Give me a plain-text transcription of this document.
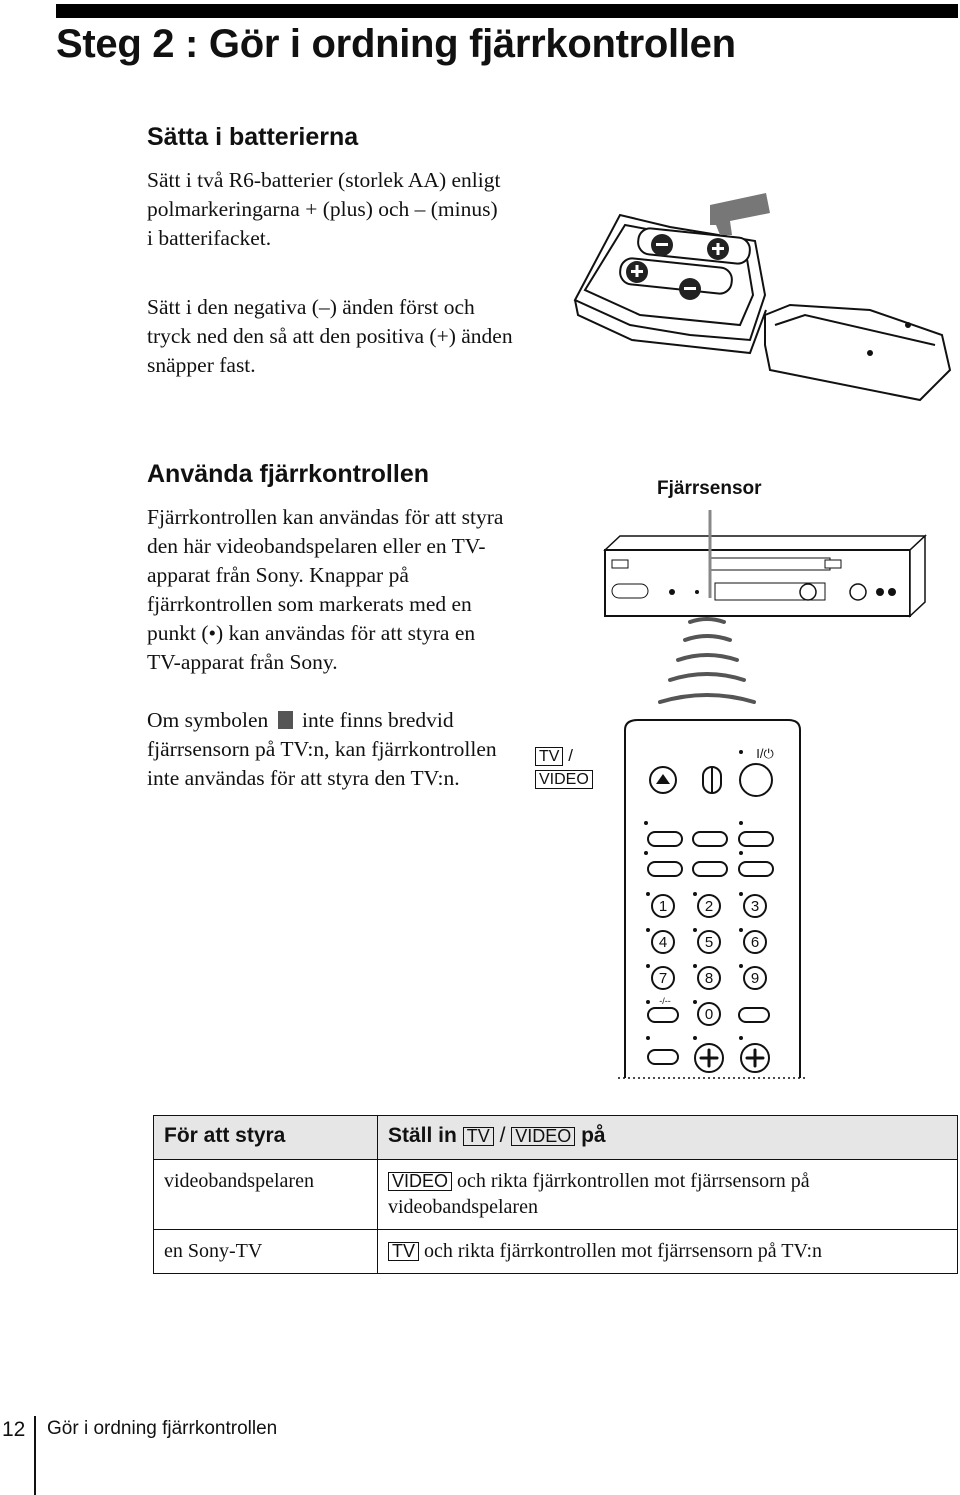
Steg 2 : Gör i ordning fjärrkontrollen
Sätta i batterierna

Sätt i två R6-batterier (storlek AA) enligt polmarkeringarna + (plus) och – (minus) i batterifacket.

Sätt i den negativa (–) änden först och tryck ned den så att den positiva (+) änden snäpper fast.

Använda fjärrkontrollen

Fjärrkontrollen kan användas för att styra den här videobandspelaren eller en TV-apparat från Sony. Knappar på fjärrkontrollen som markerats med en punkt (•) kan användas för att styra en TV-apparat från Sony.

Om symbolen inte finns bredvid fjärrsensorn på TV:n, kan fjärrkontrollen inte användas för att styra den TV:n.

Fjärrsensor
1	2	3
4	5	6
7	8	9
0
I/⏻
-/--
TV /
VIDEO
För att styra	Ställ in TV / VIDEO på
videobandspelaren	VIDEO och rikta fjärrkontrollen mot fjärrsensorn på videobandspelaren
en Sony-TV	TV och rikta fjärrkontrollen mot fjärrsensorn på TV:n
12 Gör i ordning fjärrkontrollen
